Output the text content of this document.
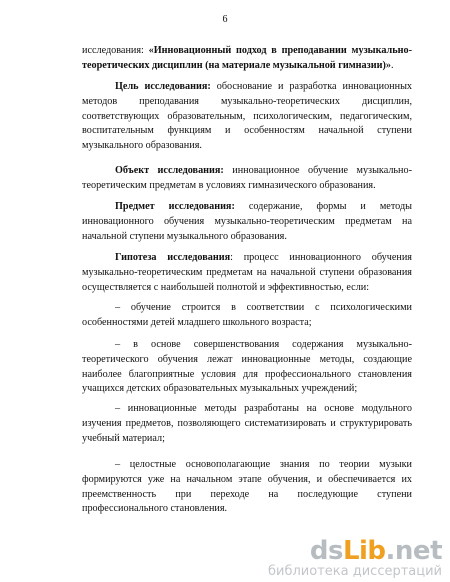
6
исследования: «Инновационный подход в преподавании музыкально-
теоретических дисциплин (на материале музыкальной гимназии)».
Цель исследования: обоснование и разработка инновационных
методов преподавания музыкально-теоретических дисциплин,
соответствующих образовательным, психологическим, педагогическим,
воспитательным функциям и особенностям начальной ступени
музыкального образования.
Объект исследования: инновационное обучение музыкально-
теоретическим предметам в условиях гимназического образования.
Предмет исследования: содержание, формы и методы
инновационного обучения музыкально-теоретическим предметам на
начальной ступени музыкального образования.
Гипотеза исследования: процесс инновационного обучения
музыкально-теоретическим предметам на начальной ступени образования
осуществляется с наибольшей полнотой и эффективностью, если:
– обучение строится в соответствии с психологическими
особенностями детей младшего школьного возраста;
– в основе совершенствования содержания музыкально-
теоретического обучения лежат инновационные методы, создающие
наиболее благоприятные условия для профессионального становления
учащихся детских образовательных музыкальных учреждений;
– инновационные методы разработаны на основе модульного
изучения предметов, позволяющего систематизировать и структурировать
учебный материал;
– целостные основополагающие знания по теории музыки
формируются уже на начальном этапе обучения, и обеспечивается их
преемственность при переходе на последующие ступени
профессионального становления.
dsLib.net
библиотека диссертаций
